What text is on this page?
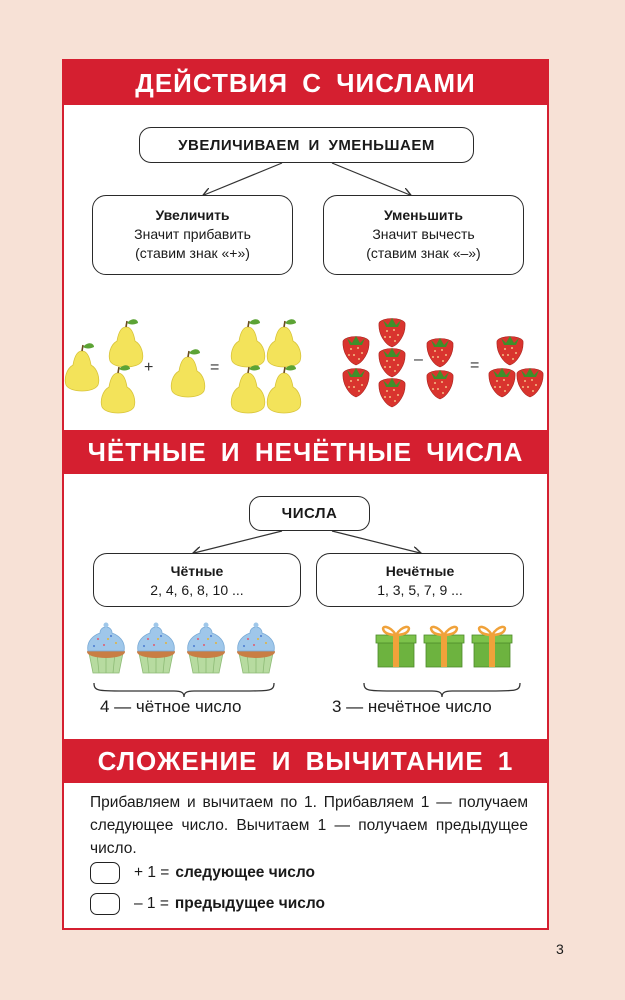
ДЕЙСТВИЯ С ЧИСЛАМИ
УВЕЛИЧИВАЕМ И УМЕНЬШАЕМ
Увеличить
Значит прибавить
(ставим знак «+»)
Уменьшить
Значит вычесть
(ставим знак «–»)
+	=	–	=
ЧЁТНЫЕ И НЕЧЁТНЫЕ ЧИСЛА
ЧИСЛА
Чётные
2, 4, 6, 8, 10 ...
Нечётные
1, 3, 5, 7, 9 ...
4 — чётное число	3 — нечётное число
СЛОЖЕНИЕ И ВЫЧИТАНИЕ 1
Прибавляем и вычитаем по 1. Прибавляем 1 — получаем следующее число. Вычитаем 1 — получаем предыдущее число.
+ 1 = следующее число
– 1 = предыдущее число
3
